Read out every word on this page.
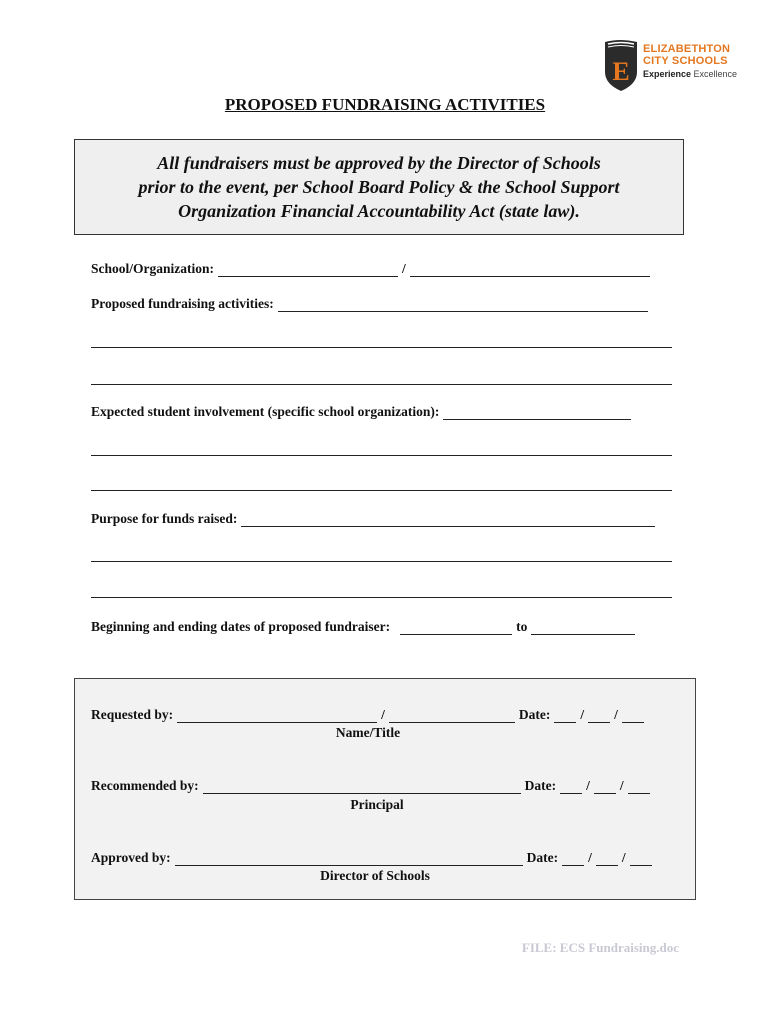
E
ELIZABETHTON
CITY SCHOOLS
Experience Excellence
PROPOSED FUNDRAISING ACTIVITIES
All fundraisers must be approved by the Director of Schools
prior to the event, per School Board Policy & the School Support
Organization Financial Accountability Act (state law).
School/Organization:	/
Proposed fundraising activities:
Expected student involvement (specific school organization):
Purpose for funds raised:
Beginning and ending dates of proposed fundraiser:	to
Requested by:	/	Date: / /
Name/Title
Recommended by:	Date: / /
Principal
Approved by:	Date: / /
Director of Schools
FILE: ECS Fundraising.doc
